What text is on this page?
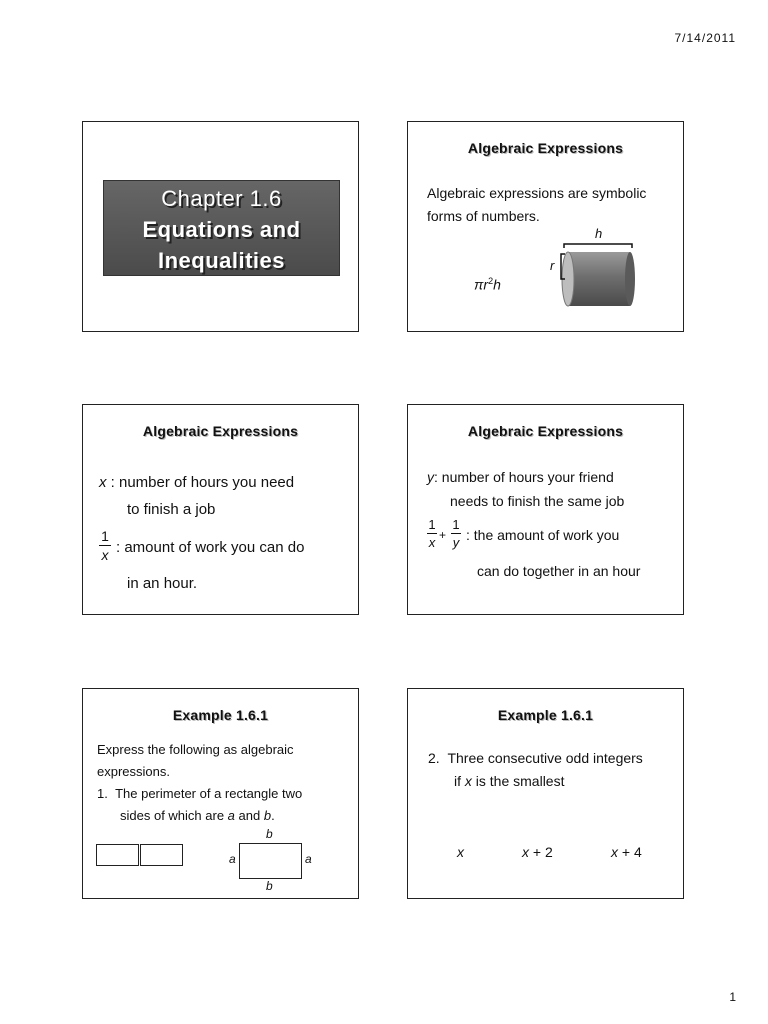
7/14/2011
Chapter 1.6
Equations and
Inequalities
Algebraic Expressions
Algebraic expressions are symbolic
forms of numbers.
$\pi r^2h$
h
r
Algebraic Expressions
x : number of hours you need
to finish a job
1
x : amount of work you can do
in an hour.
Algebraic Expressions
y: number of hours your friend
needs to finish the same job
1
x +
1
y : the amount of work you
can do together in an hour
Example 1.6.1
Express the following as algebraic
expressions.
1. The perimeter of a rectangle two
sides of which are a and b.
b
b
a	a
Example 1.6.1
2. Three consecutive odd integers
if x is the smallest
x	x + 2	x + 4
1
